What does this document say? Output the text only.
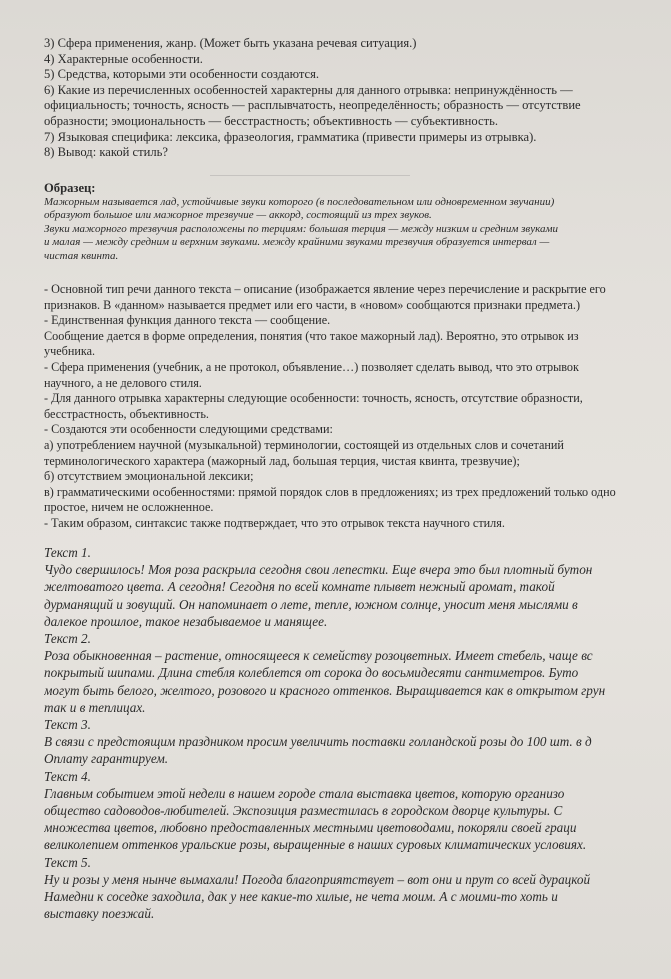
3) Сфера применения, жанр. (Может быть указана речевая ситуация.)
4) Характерные особенности.
5) Средства, которыми эти особенности создаются.
6) Какие из перечисленных особенностей характерны для данного отрывка: непринуждённость —
официальность; точность, ясность — расплывчатость, неопределённость; образность — отсутствие
образности; эмоциональность — бесстрастность; объективность — субъективность.
7) Языковая специфика: лексика, фразеология, грамматика (привести примеры из отрывка).
8) Вывод: какой стиль?
Образец:
Мажорным называется лад, устойчивые звуки которого (в последовательном или одновременном звучании)
образуют большое или мажорное трезвучие — аккорд, состоящий из трех звуков.
Звуки мажорного трезвучия расположены по терциям: большая терция — между низким и средним звуками
и малая — между средним и верхним звуками. между крайними звуками трезвучия образуется интервал —
чистая квинта.
- Основной тип речи данного текста – описание (изображается явление через перечисление и раскрытие его
признаков. В «данном» называется предмет или его части, в «новом» сообщаются признаки предмета.)
- Единственная функция данного текста — сообщение.
Сообщение дается в форме определения, понятия (что такое мажорный лад). Вероятно, это отрывок из
учебника.
- Сфера применения (учебник, а не протокол, объявление…) позволяет сделать вывод, что это отрывок
научного, а не делового стиля.
- Для данного отрывка характерны следующие особенности: точность, ясность, отсутствие образности,
бесстрастность, объективность.
- Создаются эти особенности следующими средствами:
а) употреблением научной (музыкальной) терминологии, состоящей из отдельных слов и сочетаний
терминологического характера (мажорный лад, большая терция, чистая квинта, трезвучие);
б) отсутствием эмоциональной лексики;
в) грамматическими особенностями: прямой порядок слов в предложениях; из трех предложений только одно
простое, ничем не осложненное.
- Таким образом, синтаксис также подтверждает, что это отрывок текста научного стиля.
Текст 1.
Чудо свершилось! Моя роза раскрыла сегодня свои лепестки. Еще вчера это был плотный бутон
желтоватого цвета. А сегодня! Сегодня по всей комнате плывет нежный аромат, такой
дурманящий и зовущий. Он напоминает о лете, тепле, южном солнце, уносит меня мыслями в
далекое прошлое, такое незабываемое и манящее.
Текст 2.
Роза обыкновенная – растение, относящееся к семейству розоцветных. Имеет стебель, чаще вс
покрытый шипами. Длина стебля колеблется от сорока до восьмидесяти сантиметров. Буто
могут быть белого, желтого, розового и красного оттенков. Выращивается как в открытом грун
так и в теплицах.
Текст 3.
В связи с предстоящим праздником просим увеличить поставки голландской розы до 100 шт. в д
Оплату гарантируем.
Текст 4.
Главным событием этой недели в нашем городе стала выставка цветов, которую организо
общество садоводов-любителей. Экспозиция разместилась в городском дворце культуры. С
множества цветов, любовно предоставленных местными цветоводами, покоряли своей граци
великолепием оттенков уральские розы, выращенные в наших суровых климатических условиях.
Текст 5.
Ну и розы у меня нынче вымахали! Погода благоприятствует – вот они и прут со всей дурацкой
Намедни к соседке заходила, дак у нее какие-то хилые, не чета моим. А с моими-то хоть и
выставку поезжай.
